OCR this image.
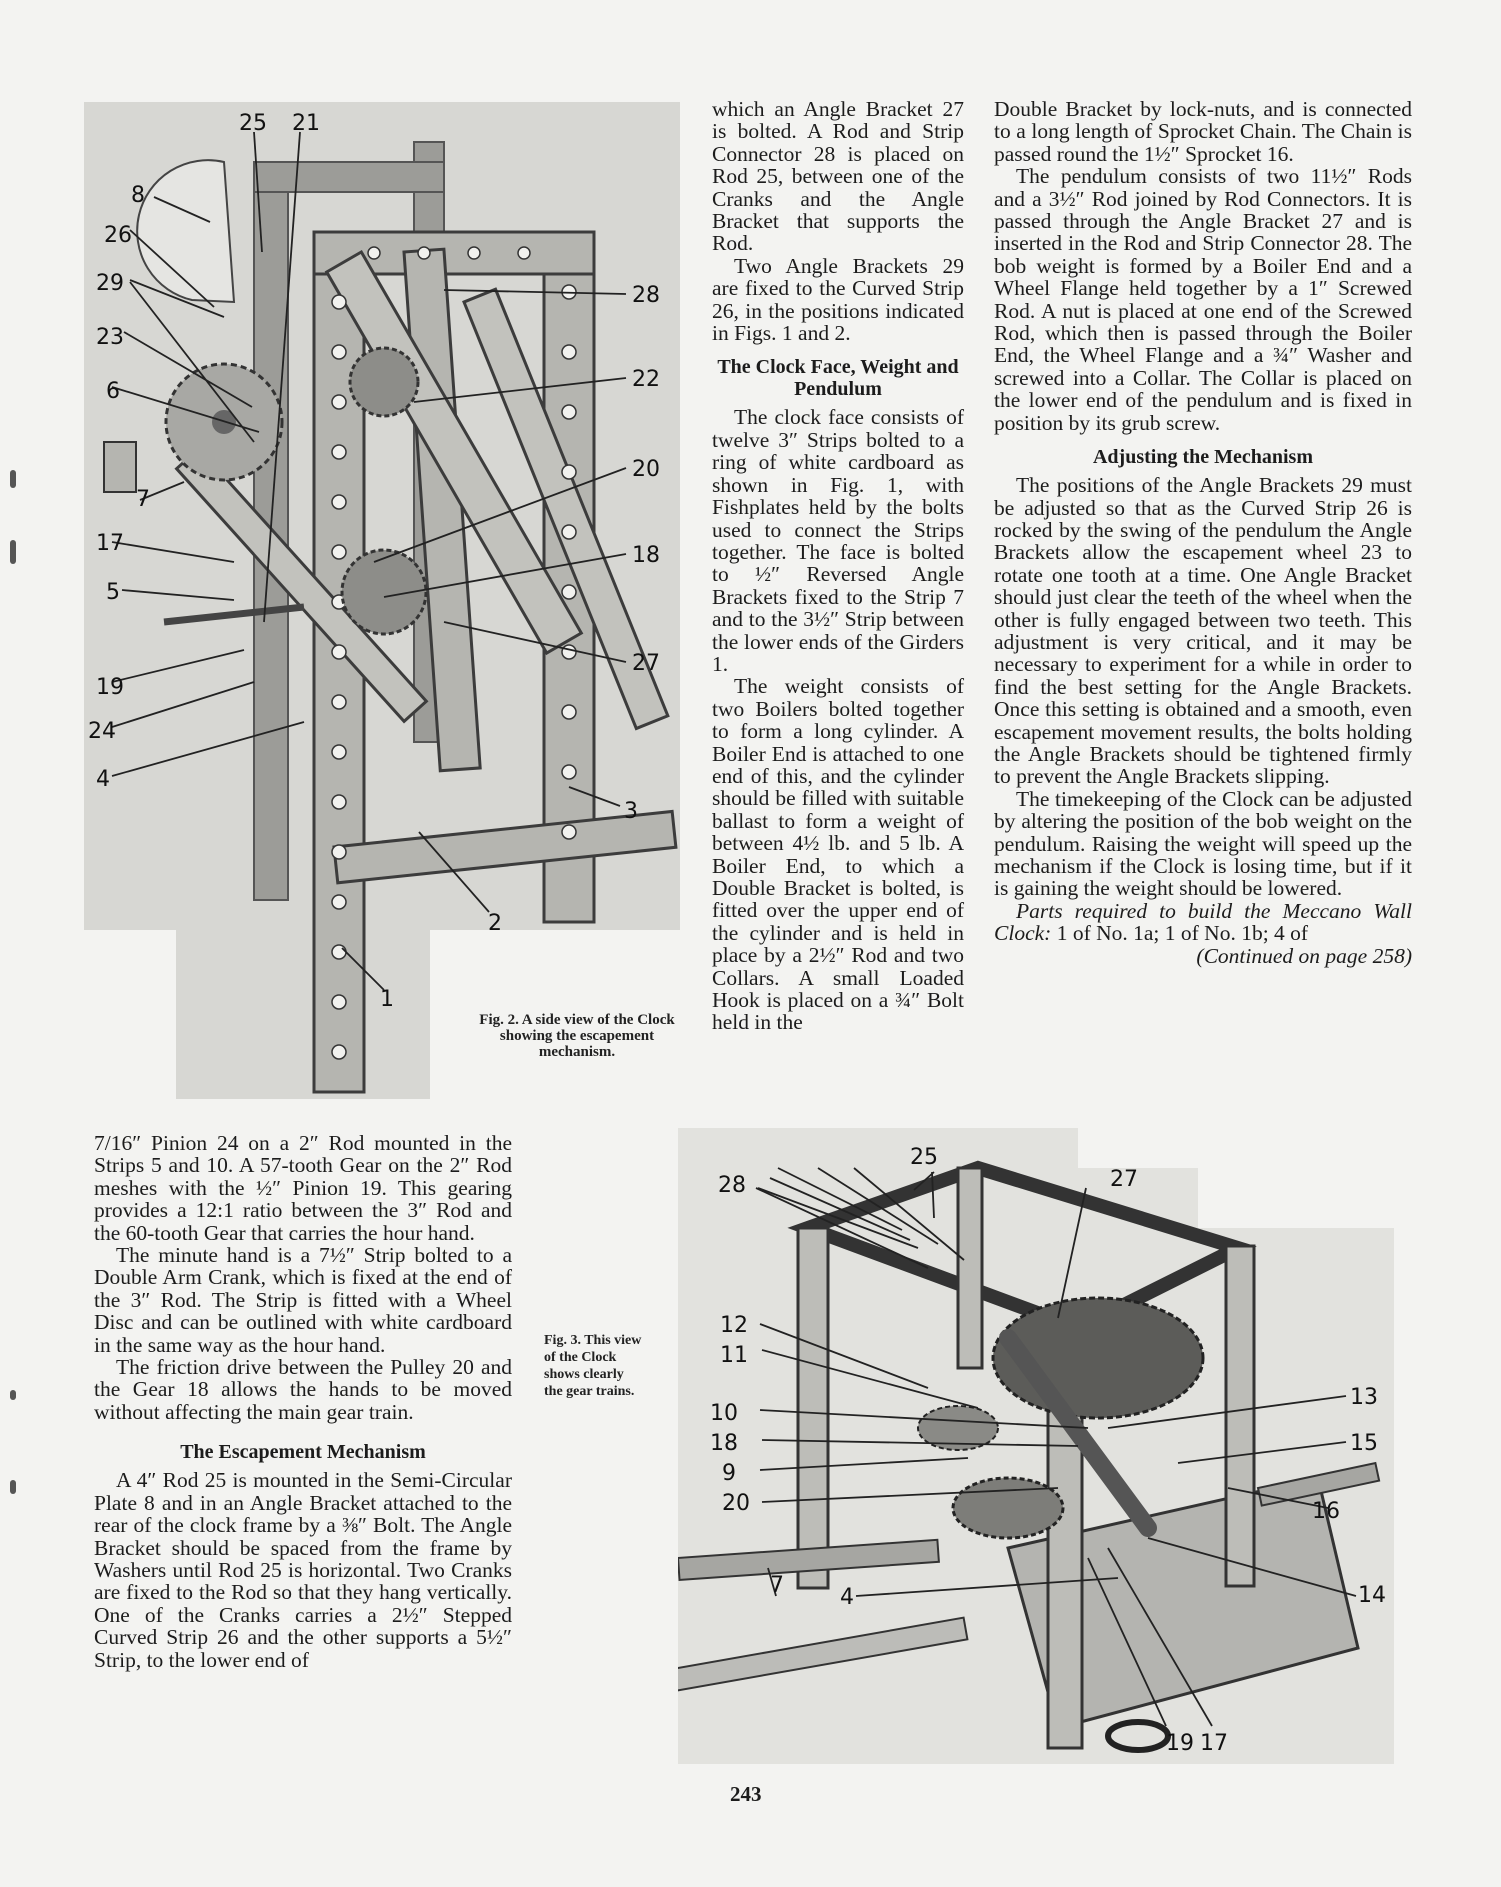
25 21
8
26
29
23
6
7
17
5
19
24
4
28
22
20
18
27
3
2
1
Fig. 2. A side view of the Clock showing the escapement mechanism.

which an Angle Bracket 27 is bolted. A Rod and Strip Connector 28 is placed on Rod 25, between one of the Cranks and the Angle Bracket that supports the Rod.

Two Angle Brackets 29 are fixed to the Curved Strip 26, in the positions indicated in Figs. 1 and 2.

The Clock Face, Weight and Pendulum

The clock face consists of twelve 3″ Strips bolted to a ring of white cardboard as shown in Fig. 1, with Fishplates held by the bolts used to connect the Strips together. The face is bolted to ½″ Reversed Angle Brackets fixed to the Strip 7 and to the 3½″ Strip between the lower ends of the Girders 1.

The weight consists of two Boilers bolted together to form a long cylinder. A Boiler End is attached to one end of this, and the cylinder should be filled with suitable ballast to form a weight of between 4½ lb. and 5 lb. A Boiler End, to which a Double Bracket is bolted, is fitted over the upper end of the cylinder and is held in place by a 2½″ Rod and two Collars. A small Loaded Hook is placed on a ¾″ Bolt held in the

Double Bracket by lock-nuts, and is connected to a long length of Sprocket Chain. The Chain is passed round the 1½″ Sprocket 16.

The pendulum consists of two 11½″ Rods and a 3½″ Rod joined by Rod Connectors. It is passed through the Angle Bracket 27 and is inserted in the Rod and Strip Connector 28. The bob weight is formed by a Boiler End and a Wheel Flange held together by a 1″ Screwed Rod. A nut is placed at one end of the Screwed Rod, which then is passed through the Boiler End, the Wheel Flange and a ¾″ Washer and screwed into a Collar. The Collar is placed on the lower end of the pendulum and is fixed in position by its grub screw.

Adjusting the Mechanism

The positions of the Angle Brackets 29 must be adjusted so that as the Curved Strip 26 is rocked by the swing of the pendulum the Angle Brackets allow the escapement wheel 23 to rotate one tooth at a time. One Angle Bracket should just clear the teeth of the wheel when the other is fully engaged between two teeth. This adjustment is very critical, and it may be necessary to experiment for a while in order to find the best setting for the Angle Brackets. Once this setting is obtained and a smooth, even escapement movement results, the bolts holding the Angle Brackets should be tightened firmly to prevent the Angle Brackets slipping.

The timekeeping of the Clock can be adjusted by altering the position of the bob weight on the pendulum. Raising the weight will speed up the mechanism if the Clock is losing time, but if it is gaining the weight should be lowered.

Parts required to build the Meccano Wall Clock: 1 of No. 1a; 1 of No. 1b; 4 of

(Continued on page 258)

7/16″ Pinion 24 on a 2″ Rod mounted in the Strips 5 and 10. A 57-tooth Gear on the 2″ Rod meshes with the ½″ Pinion 19. This gearing provides a 12:1 ratio between the 3″ Rod and the 60-tooth Gear that carries the hour hand.

The minute hand is a 7½″ Strip bolted to a Double Arm Crank, which is fixed at the end of the 3″ Rod. The Strip is fitted with a Wheel Disc and can be outlined with white cardboard in the same way as the hour hand.

The friction drive between the Pulley 20 and the Gear 18 allows the hands to be moved without affecting the main gear train.

The Escapement Mechanism

A 4″ Rod 25 is mounted in the Semi-Circular Plate 8 and in an Angle Bracket attached to the rear of the clock frame by a ⅜″ Bolt. The Angle Bracket should be spaced from the frame by Washers until Rod 25 is horizontal. Two Cranks are fixed to the Rod so that they hang vertically. One of the Cranks carries a 2½″ Stepped Curved Strip 26 and the other supports a 5½″ Strip, to the lower end of

Fig. 3. This view of the Clock shows clearly the gear trains.
25
28	27
12
11
10
18
9
20
7	4
13
15
16
14
19 17
243
